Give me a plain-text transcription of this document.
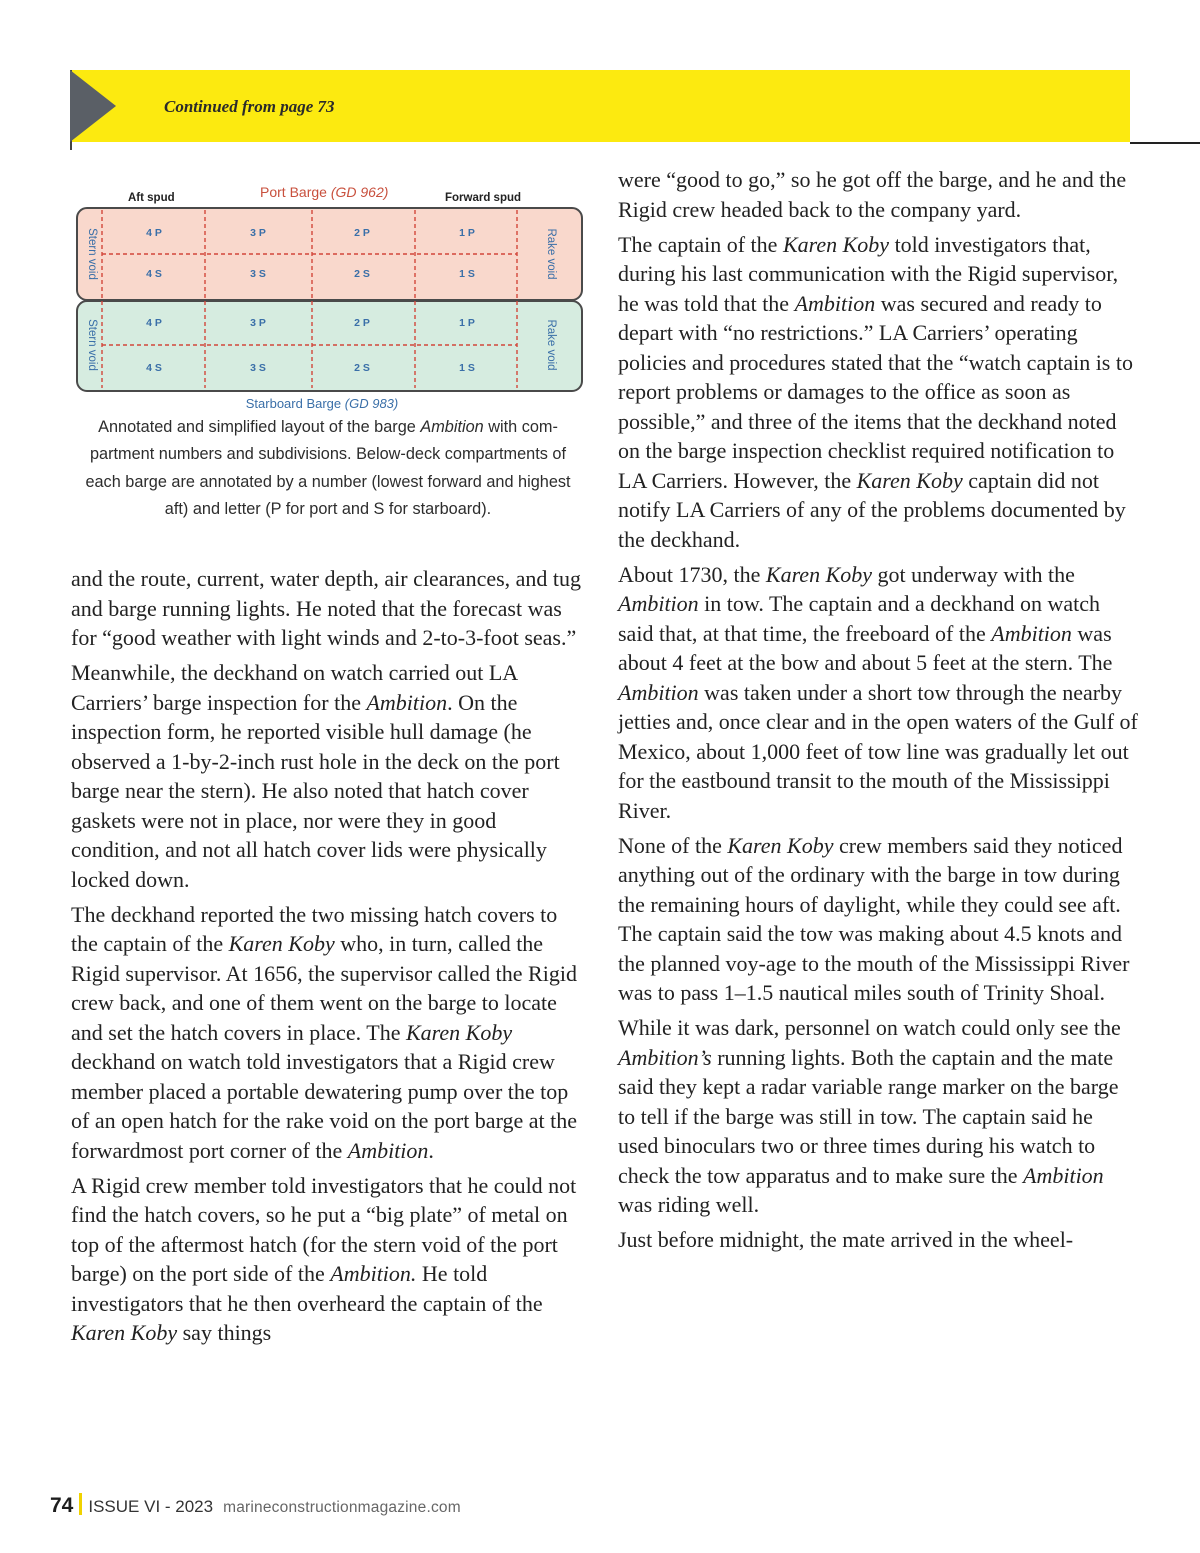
Continued from page 73
Aft spud	Port Barge (GD 962)	Forward spud
4 P	3 P	2 P	1 P
4 S	3 S	2 S	1 S
4 P	3 P	2 P	1 P
4 S	3 S	2 S	1 S
Stern void
Stern void
Rake void
Rake void
Starboard Barge (GD 983)
Annotated and simplified layout of the barge Ambition with com-partment numbers and subdivisions. Below-deck compartments of each barge are annotated by a number (lowest forward and highest aft) and letter (P for port and S for starboard).

and the route, current, water depth, air clearances, and tug and barge running lights. He noted that the forecast was for “good weather with light winds and 2-to-3-foot seas.”

Meanwhile, the deckhand on watch carried out LA Carriers’ barge inspection for the Ambition. On the inspection form, he reported visible hull damage (he observed a 1-by-2-inch rust hole in the deck on the port barge near the stern). He also noted that hatch cover gaskets were not in place, nor were they in good condition, and not all hatch cover lids were physically locked down.

The deckhand reported the two missing hatch covers to the captain of the Karen Koby who, in turn, called the Rigid supervisor. At 1656, the supervisor called the Rigid crew back, and one of them went on the barge to locate and set the hatch covers in place. The Karen Koby deckhand on watch told investigators that a Rigid crew member placed a portable dewatering pump over the top of an open hatch for the rake void on the port barge at the forwardmost port corner of the Ambition.

A Rigid crew member told investigators that he could not find the hatch covers, so he put a “big plate” of metal on top of the aftermost hatch (for the stern void of the port barge) on the port side of the Ambition. He told investigators that he then overheard the captain of the Karen Koby say things

were “good to go,” so he got off the barge, and he and the Rigid crew headed back to the company yard.

The captain of the Karen Koby told investigators that, during his last communication with the Rigid supervisor, he was told that the Ambition was secured and ready to depart with “no restrictions.” LA Carriers’ operating policies and procedures stated that the “watch captain is to report problems or damages to the office as soon as possible,” and three of the items that the deckhand noted on the barge inspection checklist required notification to LA Carriers. However, the Karen Koby captain did not notify LA Carriers of any of the problems documented by the deckhand.

About 1730, the Karen Koby got underway with the Ambition in tow. The captain and a deckhand on watch said that, at that time, the freeboard of the Ambition was about 4 feet at the bow and about 5 feet at the stern. The Ambition was taken under a short tow through the nearby jetties and, once clear and in the open waters of the Gulf of Mexico, about 1,000 feet of tow line was gradually let out for the eastbound transit to the mouth of the Mississippi River.

None of the Karen Koby crew members said they noticed anything out of the ordinary with the barge in tow during the remaining hours of daylight, while they could see aft. The captain said the tow was making about 4.5 knots and the planned voy-age to the mouth of the Mississippi River was to pass 1–1.5 nautical miles south of Trinity Shoal.

While it was dark, personnel on watch could only see the Ambition’s running lights. Both the captain and the mate said they kept a radar variable range marker on the barge to tell if the barge was still in tow. The captain said he used binoculars two or three times during his watch to check the tow apparatus and to make sure the Ambition was riding well.

Just before midnight, the mate arrived in the wheel-

74 ISSUE VI - 2023 marineconstructionmagazine.com
